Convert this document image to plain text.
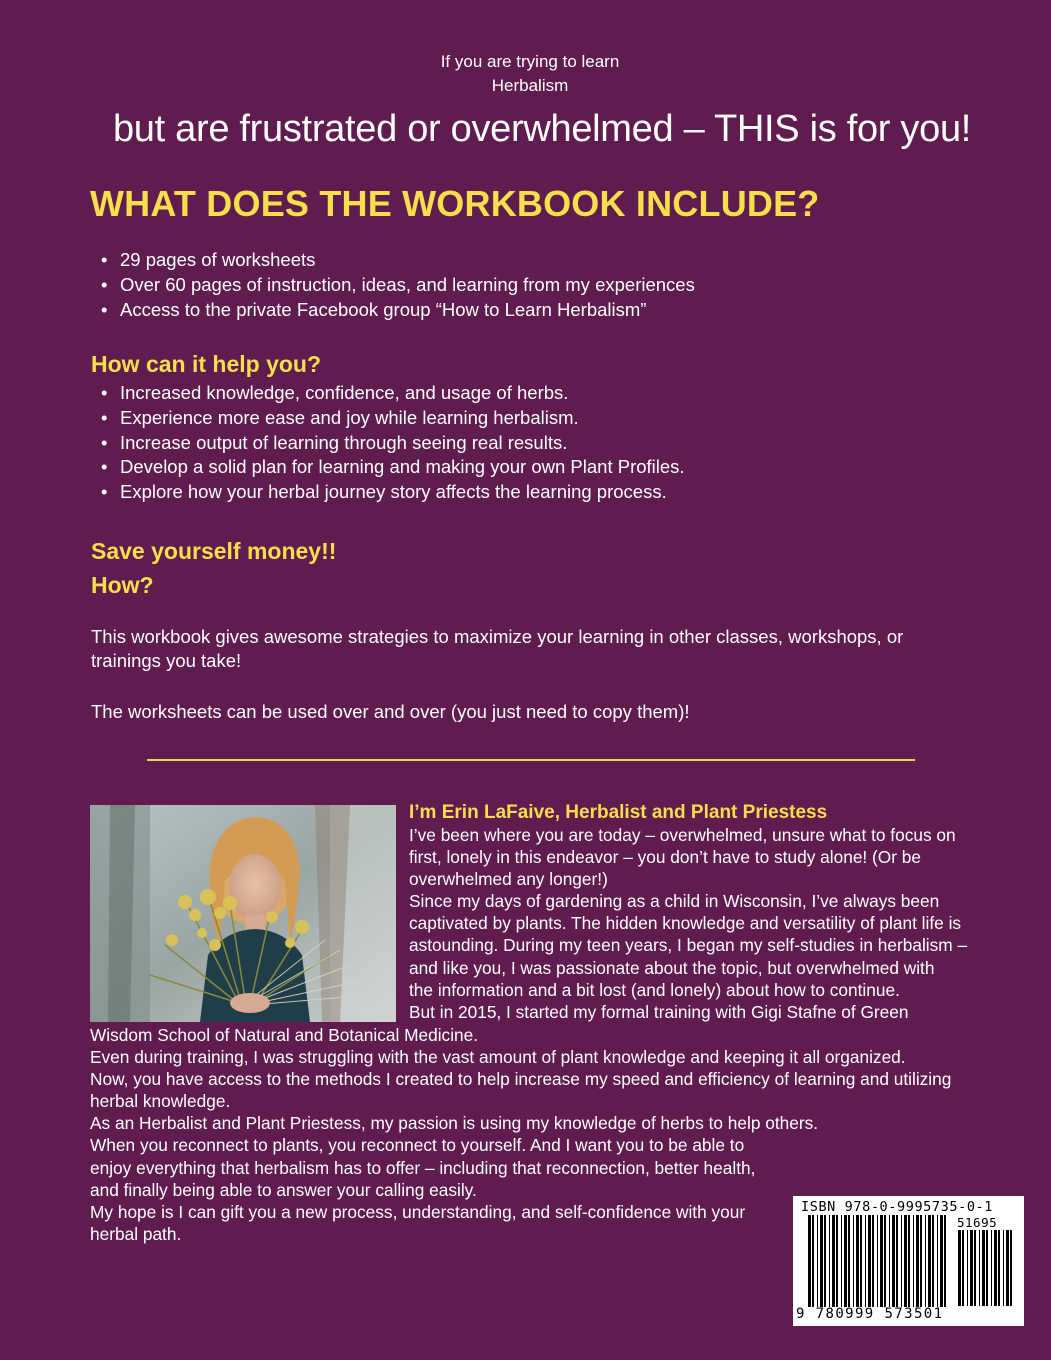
If you are trying to learn
Herbalism
but are frustrated or overwhelmed – THIS is for you!
WHAT DOES THE WORKBOOK INCLUDE?
• 29 pages of worksheets
• Over 60 pages of instruction, ideas, and learning from my experiences
• Access to the private Facebook group “How to Learn Herbalism”
How can it help you?
• Increased knowledge, confidence, and usage of herbs.
• Experience more ease and joy while learning herbalism.
• Increase output of learning through seeing real results.
• Develop a solid plan for learning and making your own Plant Profiles.
• Explore how your herbal journey story affects the learning process.
Save yourself money!!
How?
This workbook gives awesome strategies to maximize your learning in other classes, workshops, or trainings you take!
The worksheets can be used over and over (you just need to copy them)!
I’m Erin LaFaive, Herbalist and Plant Priestess
I’ve been where you are today – overwhelmed, unsure what to focus on
first, lonely in this endeavor – you don’t have to study alone! (Or be
overwhelmed any longer!)
Since my days of gardening as a child in Wisconsin, I’ve always been
captivated by plants. The hidden knowledge and versatility of plant life is
astounding. During my teen years, I began my self-studies in herbalism –
and like you, I was passionate about the topic, but overwhelmed with
the information and a bit lost (and lonely) about how to continue.
But in 2015, I started my formal training with Gigi Stafne of Green
Wisdom School of Natural and Botanical Medicine.
Even during training, I was struggling with the vast amount of plant knowledge and keeping it all organized.
Now, you have access to the methods I created to help increase my speed and efficiency of learning and utilizing
herbal knowledge.
As an Herbalist and Plant Priestess, my passion is using my knowledge of herbs to help others.
When you reconnect to plants, you reconnect to yourself. And I want you to be able to
enjoy everything that herbalism has to offer – including that reconnection, better health,
and finally being able to answer your calling easily.
My hope is I can gift you a new process, understanding, and self-confidence with your
herbal path.
ISBN 978-0-9995735-0-1
51695
9 780999 573501
